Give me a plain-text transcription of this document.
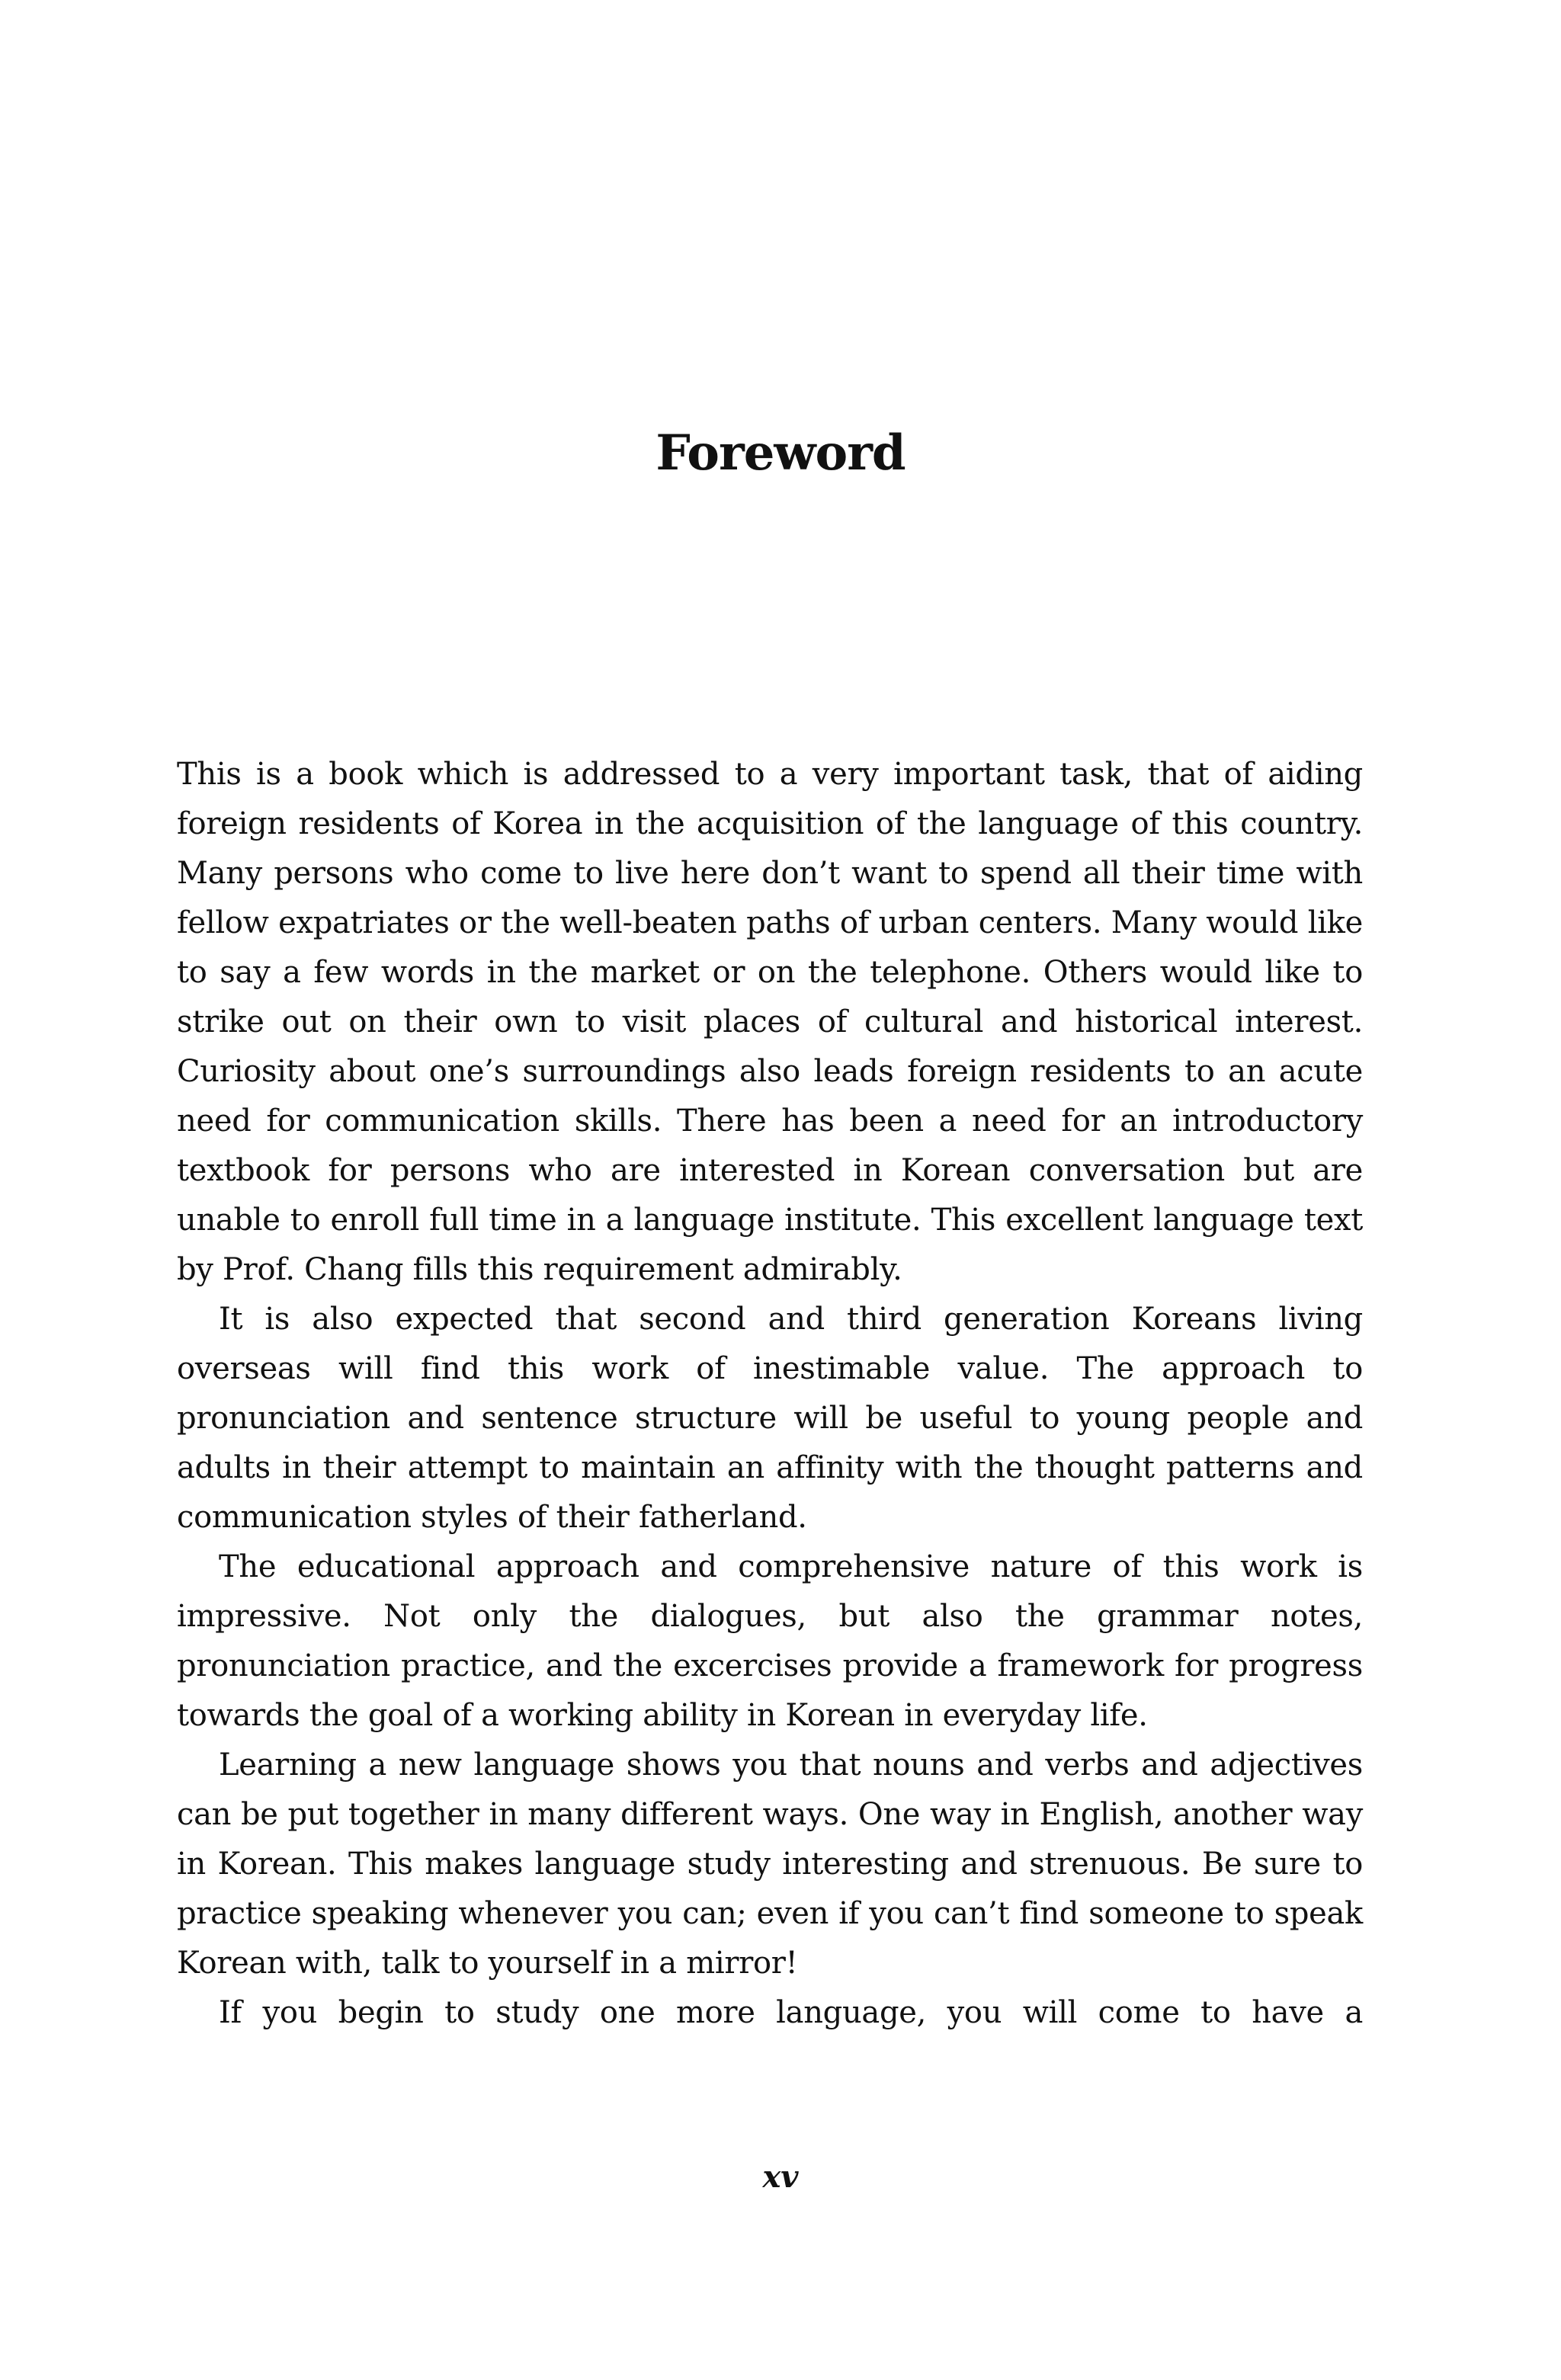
Foreword

This is a book which is addressed to a very important task, that of aiding foreign residents of Korea in the acquisition of the language of this country. Many persons who come to live here don’t want to spend all their time with fellow expatriates or the well-beaten paths of urban centers. Many would like to say a few words in the market or on the telephone. Others would like to strike out on their own to visit places of cultural and historical interest. Curiosity about one’s surroundings also leads foreign residents to an acute need for communication skills. There has been a need for an introductory textbook for persons who are interested in Korean conversation but are unable to enroll full time in a language institute. This excellent language text by Prof. Chang fills this requirement admirably.

It is also expected that second and third generation Koreans living overseas will find this work of inestimable value. The approach to pronunciation and sentence structure will be useful to young people and adults in their attempt to maintain an affinity with the thought patterns and communication styles of their fatherland.

The educational approach and comprehensive nature of this work is impressive. Not only the dialogues, but also the grammar notes, pronunciation practice, and the excercises provide a framework for progress towards the goal of a working ability in Korean in everyday life.

Learning a new language shows you that nouns and verbs and adjectives can be put together in many different ways. One way in English, another way in Korean. This makes language study interesting and strenuous. Be sure to practice speaking whenever you can; even if you can’t find someone to speak Korean with, talk to yourself in a mirror!

If you begin to study one more language, you will come to have a

xv
